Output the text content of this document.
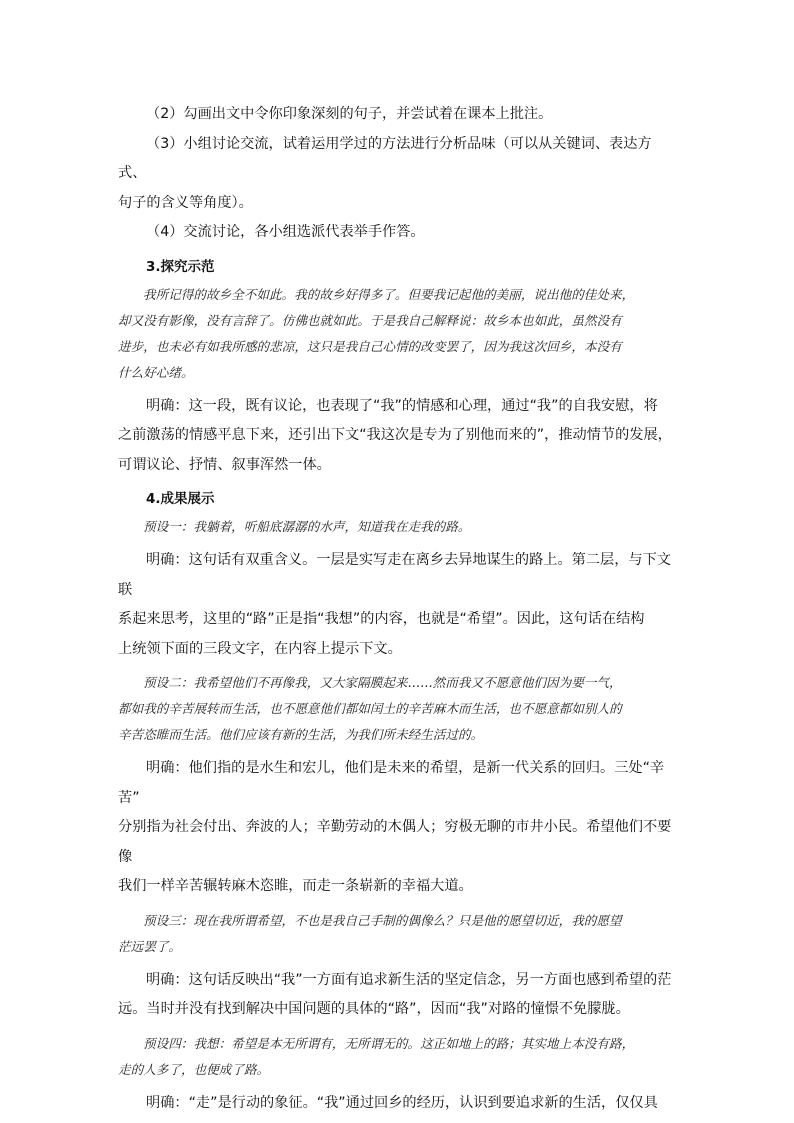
（2）勾画出文中令你印象深刻的句子，并尝试着在课本上批注。

（3）小组讨论交流，试着运用学过的方法进行分析品味（可以从关键词、表达方式、

句子的含义等角度）。

（4）交流讨论，各小组选派代表举手作答。

3.探究示范
我所记得的故乡全不如此。我的故乡好得多了。但要我记起他的美丽，说出他的佳处来，
却又没有影像，没有言辞了。仿佛也就如此。于是我自己解释说：故乡本也如此，虽然没有
进步，也未必有如我所感的悲凉，这只是我自己心情的改变罢了，因为我这次回乡，本没有
什么好心绪。
明确：这一段，既有议论，也表现了“我”的情感和心理，通过“我”的自我安慰，将
之前激荡的情感平息下来，还引出下文“我这次是专为了别他而来的”，推动情节的发展，
可谓议论、抒情、叙事浑然一体。
4.成果展示
预设一：我躺着，听船底潺潺的水声，知道我在走我的路。
明确：这句话有双重含义。一层是实写走在离乡去异地谋生的路上。第二层，与下文联
系起来思考，这里的“路”正是指“我想”的内容，也就是“希望”。因此，这句话在结构
上统领下面的三段文字，在内容上提示下文。
预设二：我希望他们不再像我，又大家隔膜起来……然而我又不愿意他们因为要一气，
都如我的辛苦展转而生活，也不愿意他们都如闰土的辛苦麻木而生活，也不愿意都如别人的
辛苦恣睢而生活。他们应该有新的生活，为我们所未经生活过的。
明确：他们指的是水生和宏儿，他们是未来的希望，是新一代关系的回归。三处“辛苦”
分别指为社会付出、奔波的人；辛勤劳动的木偶人；穷极无聊的市井小民。希望他们不要像
我们一样辛苦辗转麻木恣睢，而走一条崭新的幸福大道。
预设三：现在我所谓希望，不也是我自己手制的偶像么？只是他的愿望切近，我的愿望
茫远罢了。
明确：这句话反映出“我”一方面有追求新生活的坚定信念，另一方面也感到希望的茫
远。当时并没有找到解决中国问题的具体的“路”，因而“我”对路的憧憬不免朦胧。
预设四：我想：希望是本无所谓有，无所谓无的。这正如地上的路；其实地上本没有路，
走的人多了，也便成了路。
明确：“走”是行动的象征。“我”通过回乡的经历，认识到要追求新的生活，仅仅具
